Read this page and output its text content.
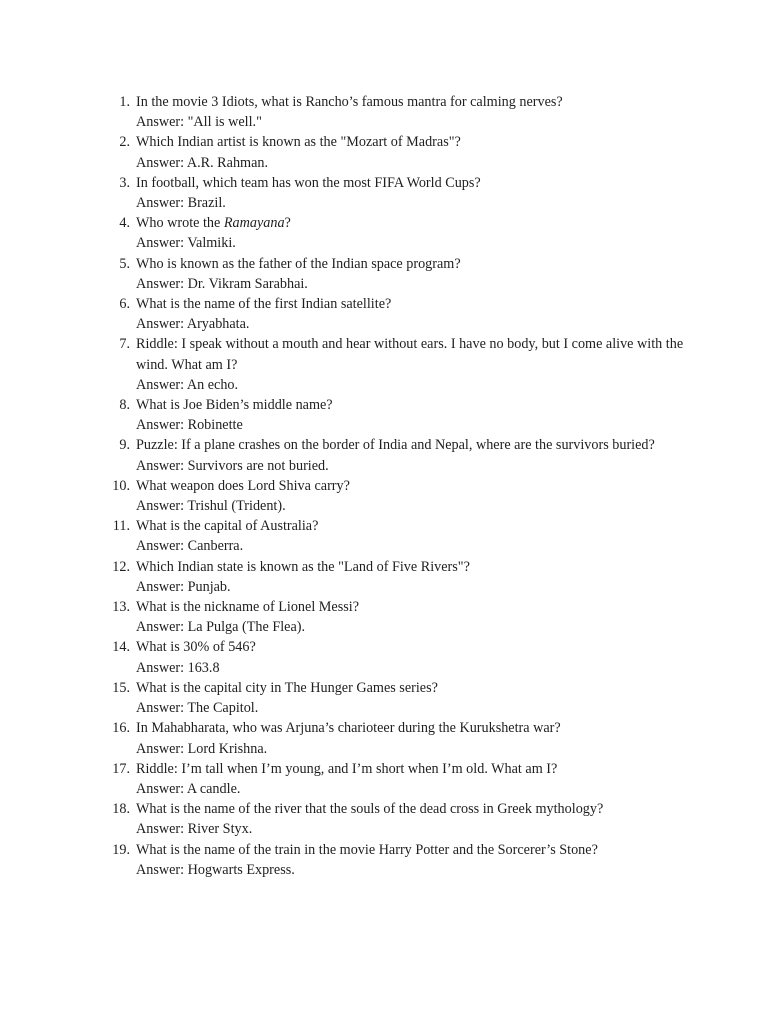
1. In the movie 3 Idiots, what is Rancho’s famous mantra for calming nerves?
Answer: "All is well."
2. Which Indian artist is known as the "Mozart of Madras"?
Answer: A.R. Rahman.
3. In football, which team has won the most FIFA World Cups?
Answer: Brazil.
4. Who wrote the Ramayana?
Answer: Valmiki.
5. Who is known as the father of the Indian space program?
Answer: Dr. Vikram Sarabhai.
6. What is the name of the first Indian satellite?
Answer: Aryabhata.
7. Riddle: I speak without a mouth and hear without ears. I have no body, but I come alive with the wind. What am I?
Answer: An echo.
8. What is Joe Biden’s middle name?
Answer: Robinette
9. Puzzle: If a plane crashes on the border of India and Nepal, where are the survivors buried?
Answer: Survivors are not buried.
10. What weapon does Lord Shiva carry?
Answer: Trishul (Trident).
11. What is the capital of Australia?
Answer: Canberra.
12. Which Indian state is known as the "Land of Five Rivers"?
Answer: Punjab.
13. What is the nickname of Lionel Messi?
Answer: La Pulga (The Flea).
14. What is 30% of 546?
Answer: 163.8
15. What is the capital city in The Hunger Games series?
Answer: The Capitol.
16. In Mahabharata, who was Arjuna’s charioteer during the Kurukshetra war?
Answer: Lord Krishna.
17. Riddle: I’m tall when I’m young, and I’m short when I’m old. What am I?
Answer: A candle.
18. What is the name of the river that the souls of the dead cross in Greek mythology?
Answer: River Styx.
19. What is the name of the train in the movie Harry Potter and the Sorcerer’s Stone?
Answer: Hogwarts Express.
